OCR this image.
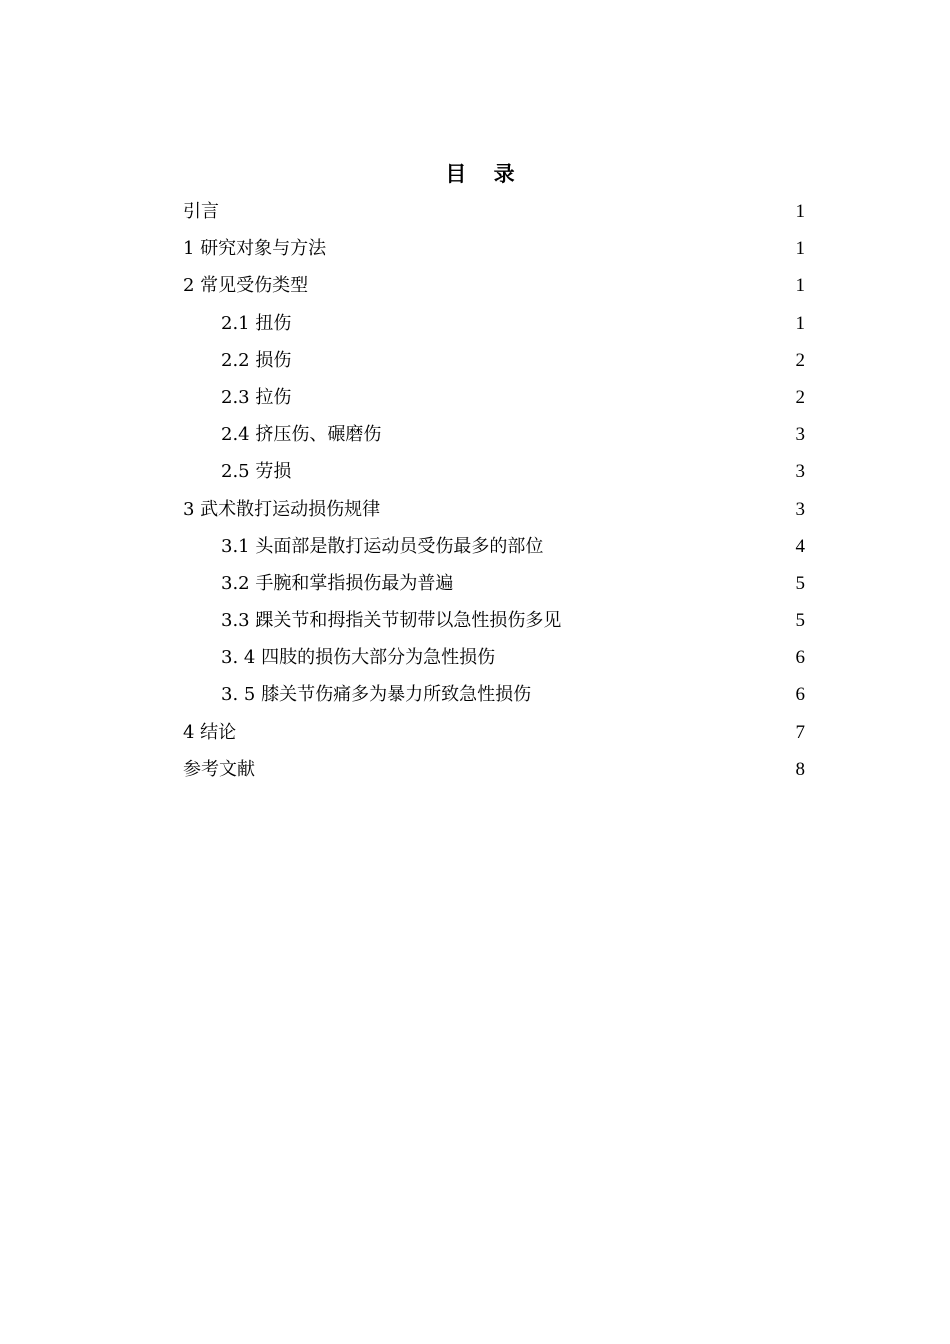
目 录
引言	1
1 研究对象与方法	1
2 常见受伤类型	1
2.1 扭伤	1
2.2 损伤	2
2.3 拉伤	2
2.4 挤压伤、碾磨伤	3
2.5 劳损	3
3 武术散打运动损伤规律	3
3.1 头面部是散打运动员受伤最多的部位	4
3.2 手腕和掌指损伤最为普遍	5
3.3 踝关节和拇指关节韧带以急性损伤多见	5
3. 4 四肢的损伤大部分为急性损伤	6
3. 5 膝关节伤痛多为暴力所致急性损伤	6
4 结论	7
参考文献	8
